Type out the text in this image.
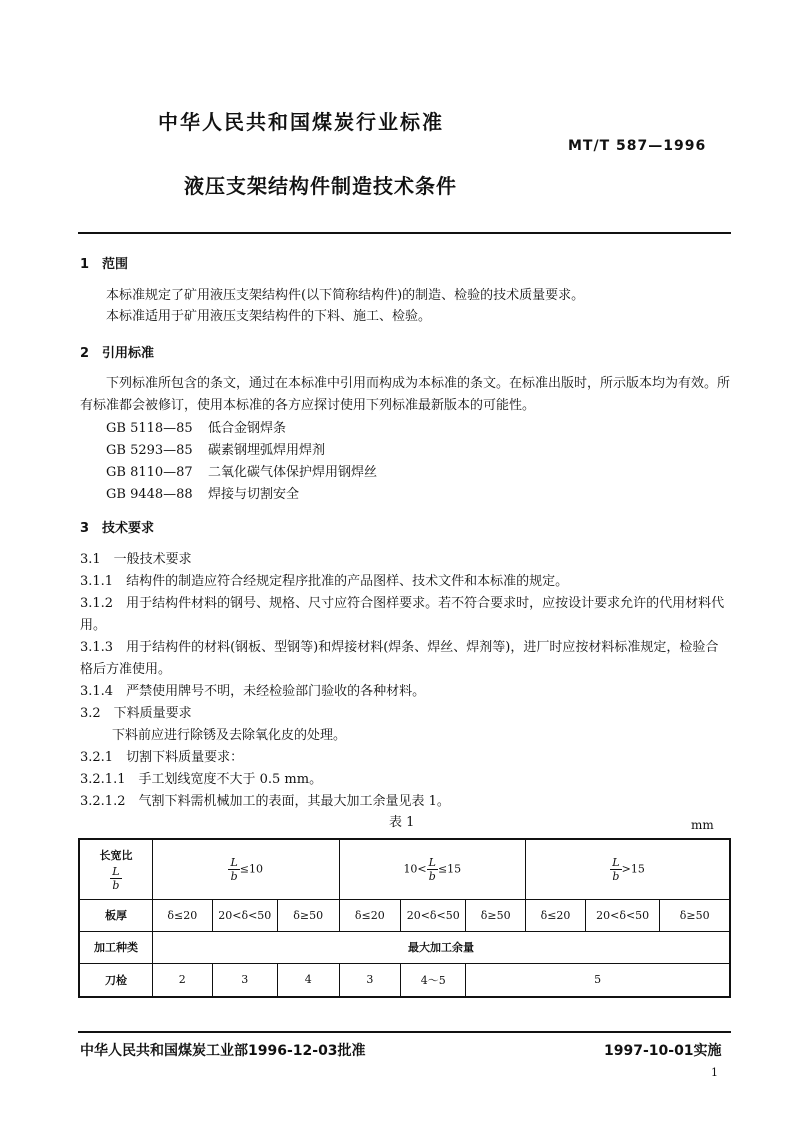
中华人民共和国煤炭行业标准
MT/T 587—1996
液压支架结构件制造技术条件
1　范围
本标准规定了矿用液压支架结构件(以下简称结构件)的制造、检验的技术质量要求。
本标准适用于矿用液压支架结构件的下料、施工、检验。
2　引用标准
下列标准所包含的条文，通过在本标准中引用而构成为本标准的条文。在标准出版时，所示版本均为有效。所有标准都会被修订，使用本标准的各方应探讨使用下列标准最新版本的可能性。
GB 5118—85 低合金钢焊条
GB 5293—85 碳素钢埋弧焊用焊剂
GB 8110—87 二氧化碳气体保护焊用钢焊丝
GB 9448—88 焊接与切割安全
3　技术要求
3.1　一般技术要求
3.1.1　结构件的制造应符合经规定程序批准的产品图样、技术文件和本标准的规定。
3.1.2　用于结构件材料的钢号、规格、尺寸应符合图样要求。若不符合要求时，应按设计要求允许的代用材料代用。
3.1.3　用于结构件的材料(钢板、型钢等)和焊接材料(焊条、焊丝、焊剂等)，进厂时应按材料标准规定，检验合格后方准使用。
3.1.4　严禁使用牌号不明，未经检验部门验收的各种材料。
3.2　下料质量要求
下料前应进行除锈及去除氧化皮的处理。
3.2.1　切割下料质量要求：
3.2.1.1　手工划线宽度不大于 0.5 mm。
3.2.1.2　气割下料需机械加工的表面，其最大加工余量见表 1。
表 1	mm
长宽比
$\frac{L}{b}$	$\frac{L}{b} \le 10$			$10< \frac{L}{b} \le 15$			$\frac{L}{b} >15$		
板厚	δ≤20	20<δ<50	δ≥50	δ≤20	20<δ<50	δ≥50	δ≤20	20<δ<50	δ≥50
加工种类	最大加工余量								
刀检	2	3	4	3	4～5	5			
中华人民共和国煤炭工业部1996-12-03批准	1997-10-01实施
1
